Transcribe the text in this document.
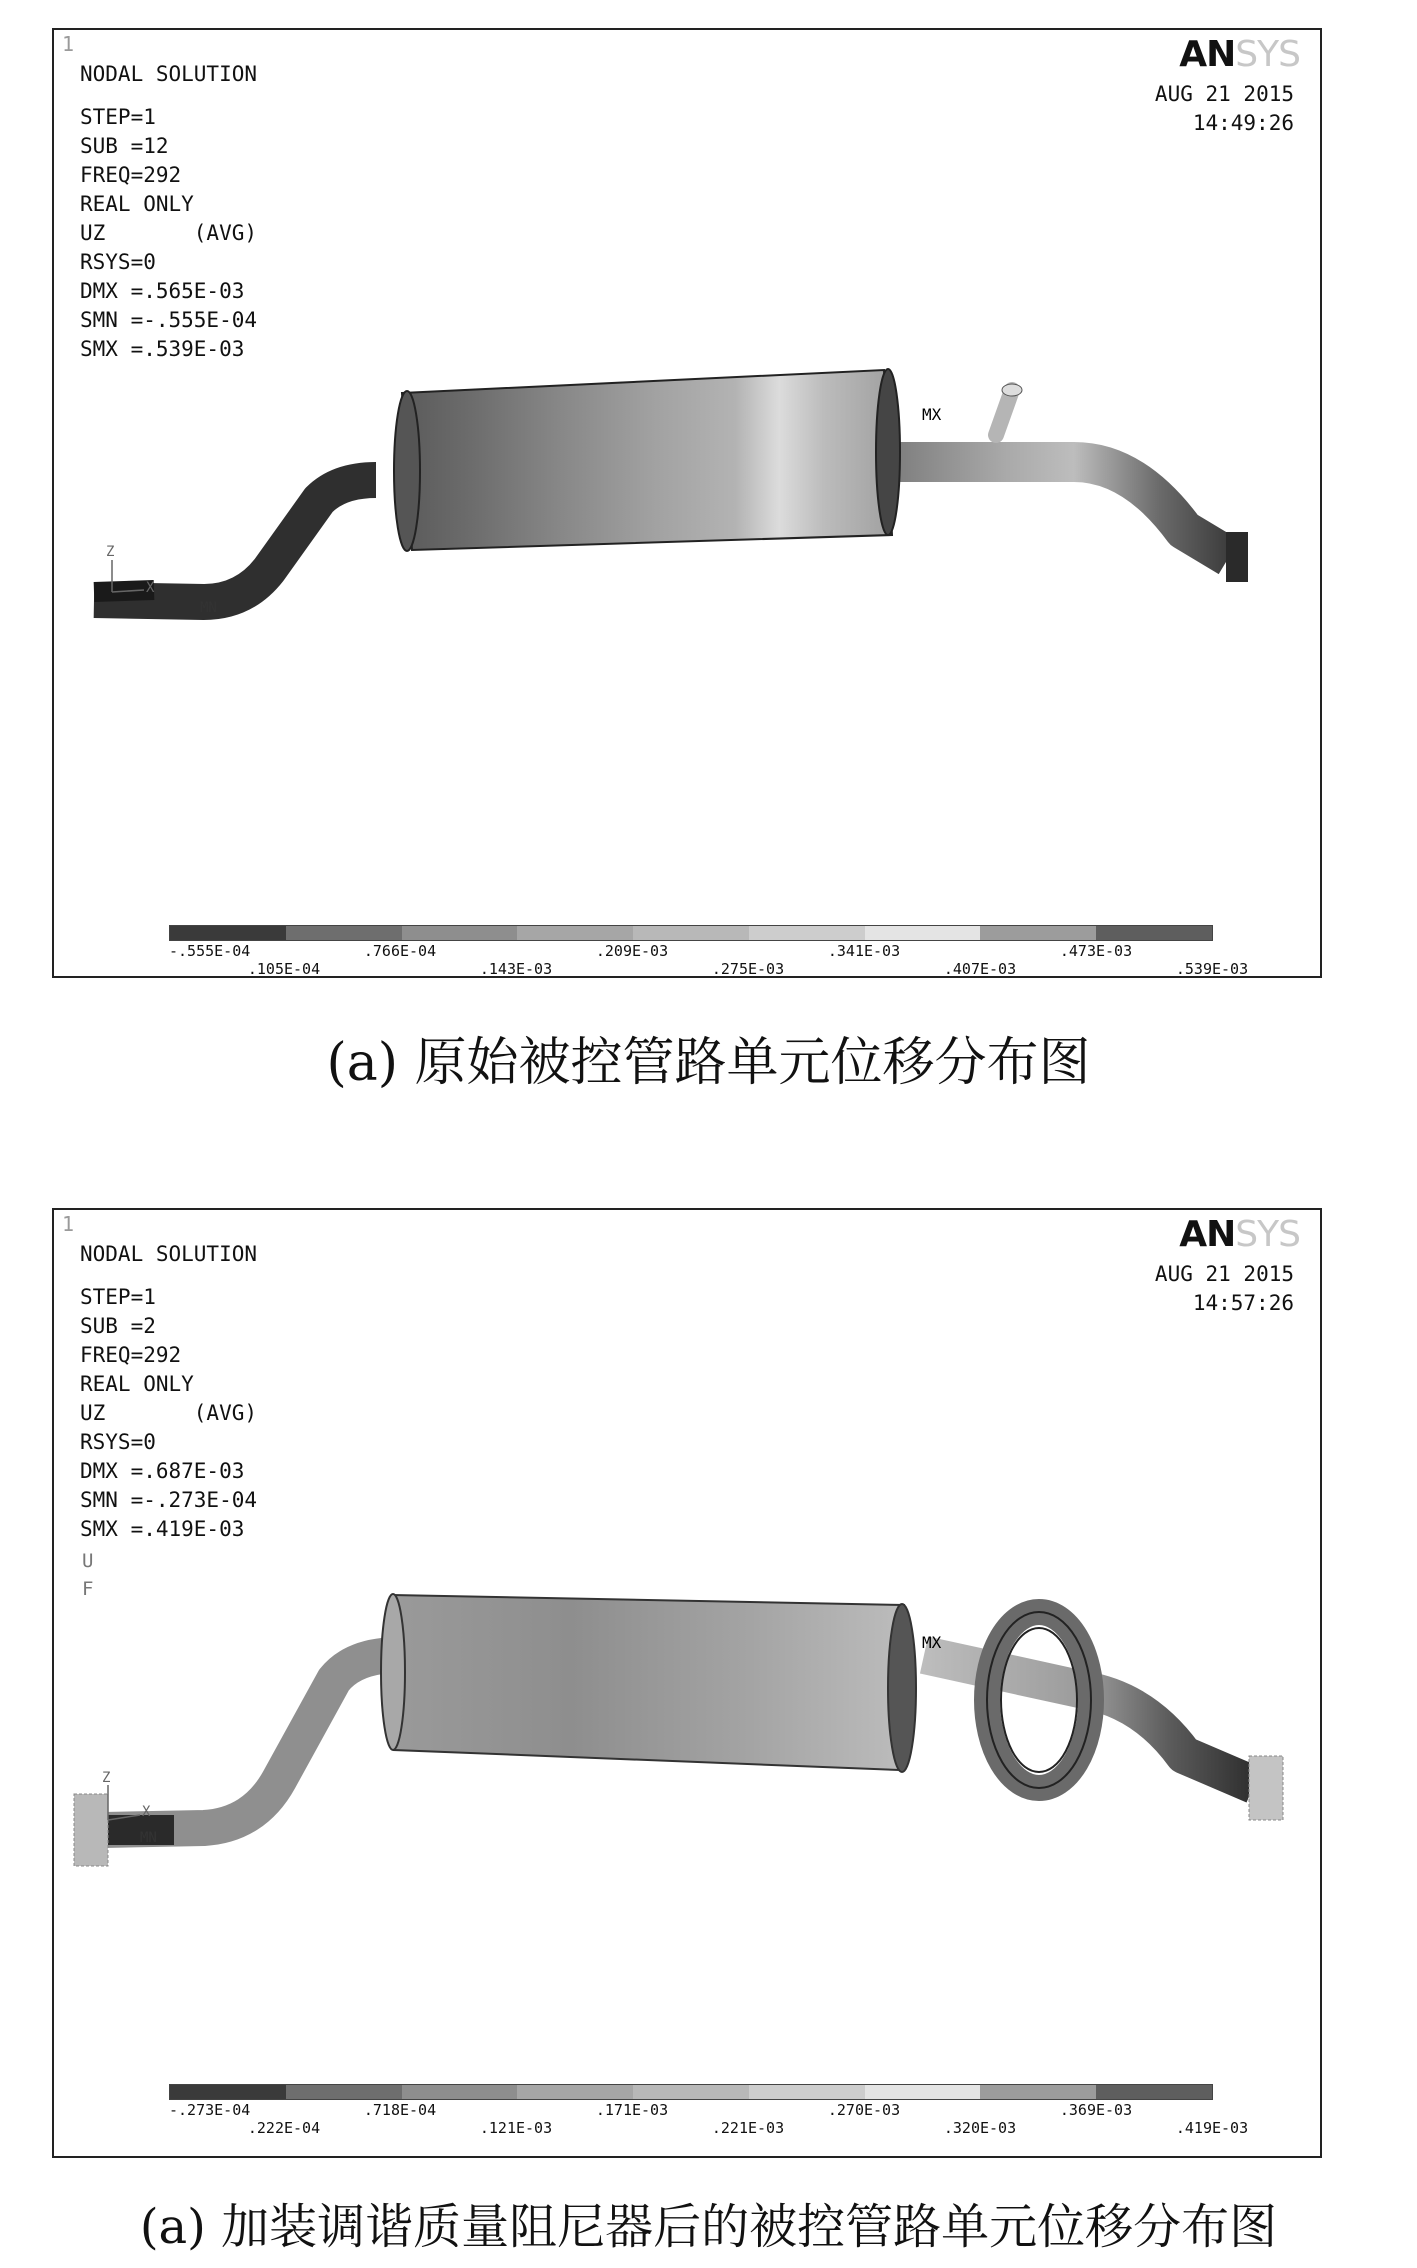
1
NODAL SOLUTION
STEP=1
SUB =12
FREQ=292
REAL ONLY
UZ       (AVG)
RSYS=0
DMX =.565E-03
SMN =-.555E-04
SMX =.539E-03
ANSYS
AUG 21 2015
14:49:26
MX
MN
Z
X
-.555E-04
.105E-04
.766E-04
.143E-03
.209E-03
.275E-03
.341E-03
.407E-03
.473E-03
.539E-03
(a) 原始被控管路单元位移分布图
1
NODAL SOLUTION
STEP=1
SUB =2
FREQ=292
REAL ONLY
UZ       (AVG)
RSYS=0
DMX =.687E-03
SMN =-.273E-04
SMX =.419E-03
U
F
ANSYS
AUG 21 2015
14:57:26
MX
MN
Z
X
-.273E-04
.222E-04
.718E-04
.121E-03
.171E-03
.221E-03
.270E-03
.320E-03
.369E-03
.419E-03
(a) 加装调谐质量阻尼器后的被控管路单元位移分布图
